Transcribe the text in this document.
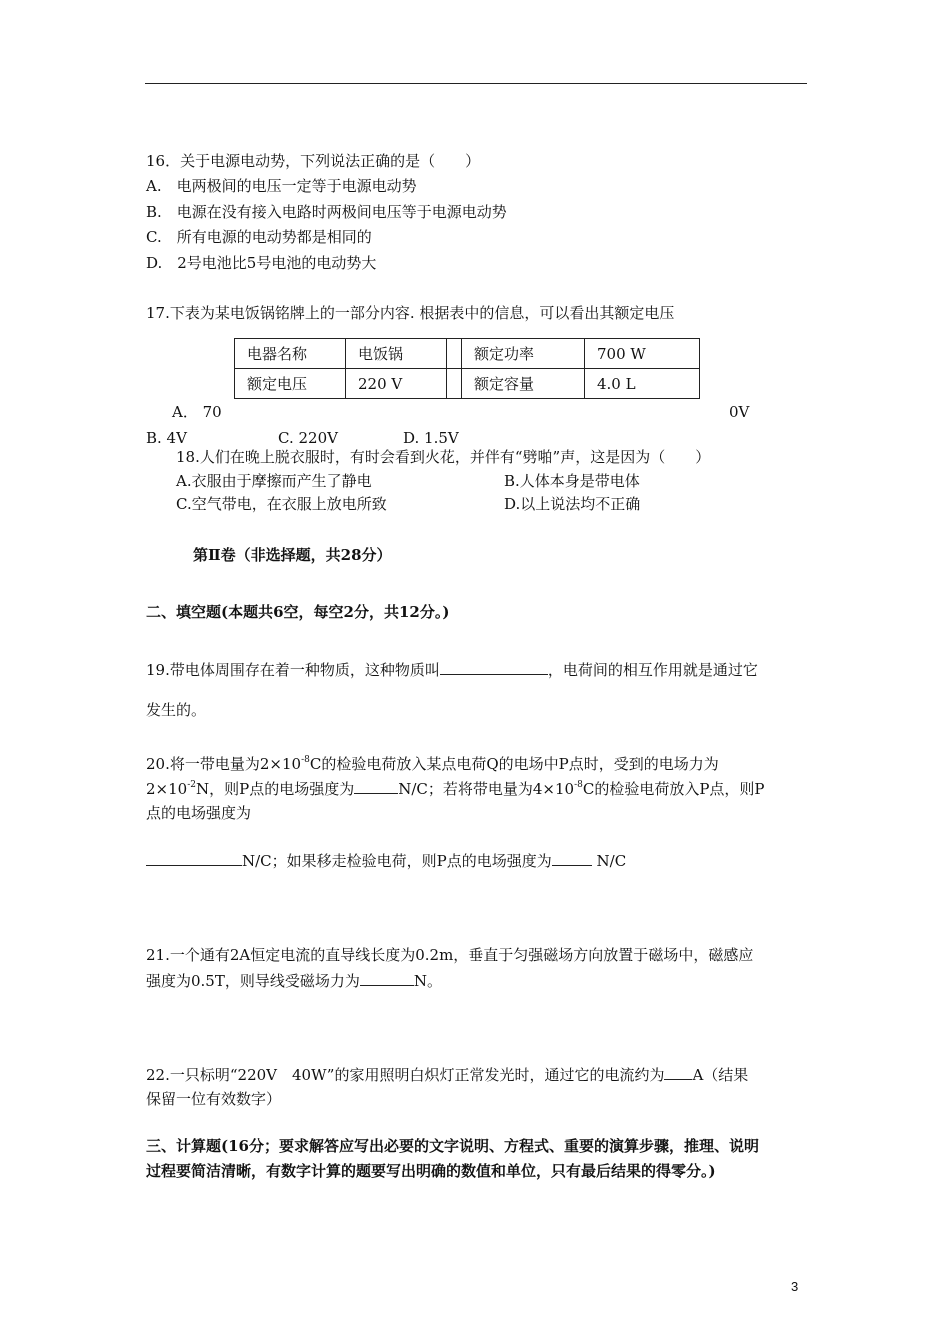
16．关于电源电动势，下列说法正确的是（　　）
A.　电两极间的电压一定等于电源电动势
B.　电源在没有接入电路时两极间电压等于电源电动势
C.　所有电源的电动势都是相同的
D.　2号电池比5号电池的电动势大
17.下表为某电饭锅铭牌上的一部分内容. 根据表中的信息，可以看出其额定电压
电器名称	电饭锅		额定功率	700 W
额定电压	220 V		额定容量	4.0 L
A． 70	0V
B. 4V	C. 220V	D. 1.5V
18.人们在晚上脱衣服时，有时会看到火花，并伴有“劈啪”声，这是因为（　　）
A.衣服由于摩擦而产生了静电	B.人体本身是带电体
C.空气带电，在衣服上放电所致	D.以上说法均不正确
第Ⅱ卷（非选择题，共28分）
二、填空题(本题共6空，每空2分，共12分。)
19.带电体周围存在着一种物质，这种物质叫	，电荷间的相互作用就是通过它
发生的。
20.将一带电量为$2\times 10^{-8}C$的检验电荷放入某点电荷Q的电场中P点时，受到的电场力为
$2\times 10^{-2}N$，则P点的电场强度为	N/C；若将带电量为$4\times 10^{-8}C$的检验电荷放入P点，则P
点的电场强度为
N/C；如果移走检验电荷，则P点的电场强度为	N/C
21.一个通有2A恒定电流的直导线长度为0.2m，垂直于匀强磁场方向放置于磁场中，磁感应
强度为0.5T，则导线受磁场力为	N。
22.一只标明“220V　40W”的家用照明白炽灯正常发光时，通过它的电流约为 A（结果
保留一位有效数字）
三、计算题(16分；要求解答应写出必要的文字说明、方程式、重要的演算步骤，推理、说明
过程要简洁清晰，有数字计算的题要写出明确的数值和单位，只有最后结果的得零分。)
3
